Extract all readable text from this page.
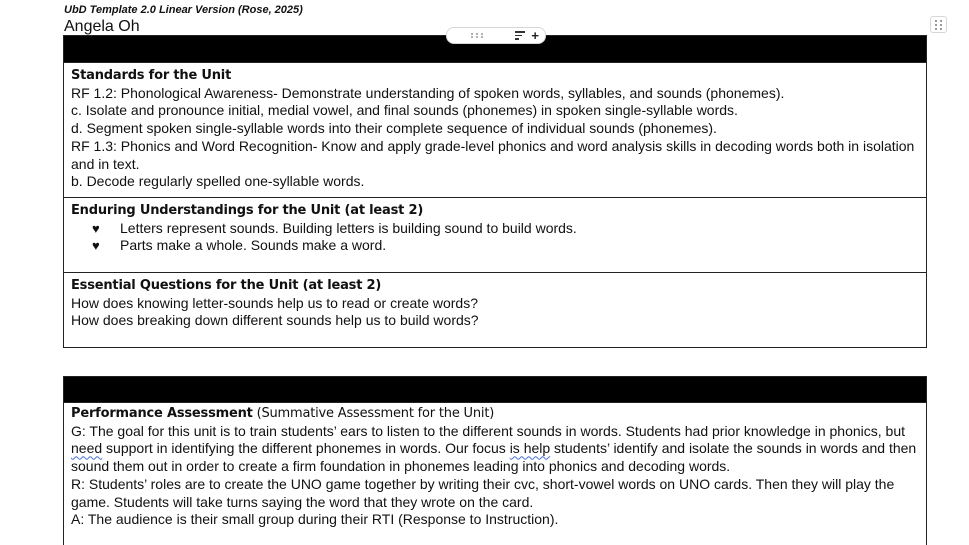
UbD Template 2.0 Linear Version (Rose, 2025)
Angela Oh
+
Standards for the Unit
RF 1.2: Phonological Awareness- Demonstrate understanding of spoken words, syllables, and sounds (phonemes).
c. Isolate and pronounce initial, medial vowel, and final sounds (phonemes) in spoken single-syllable words.
d. Segment spoken single-syllable words into their complete sequence of individual sounds (phonemes).
RF 1.3: Phonics and Word Recognition- Know and apply grade-level phonics and word analysis skills in decoding words both in isolation and in text.
b. Decode regularly spelled one-syllable words.
Enduring Understandings for the Unit (at least 2)
♥	Letters represent sounds. Building letters is building sound to build words.
♥	Parts make a whole. Sounds make a word.
Essential Questions for the Unit (at least 2)
How does knowing letter-sounds help us to read or create words?
How does breaking down different sounds help us to build words?
Performance Assessment (Summative Assessment for the Unit)
G: The goal for this unit is to train students’ ears to listen to the different sounds in words. Students had prior knowledge in phonics, but need support in identifying the different phonemes in words. Our focus is help students’ identify and isolate the sounds in words and then sound them out in order to create a firm foundation in phonemes leading into phonics and decoding words.
R: Students’ roles are to create the UNO game together by writing their cvc, short-vowel words on UNO cards. Then they will play the game. Students will take turns saying the word that they wrote on the card.
A: The audience is their small group during their RTI (Response to Instruction).
